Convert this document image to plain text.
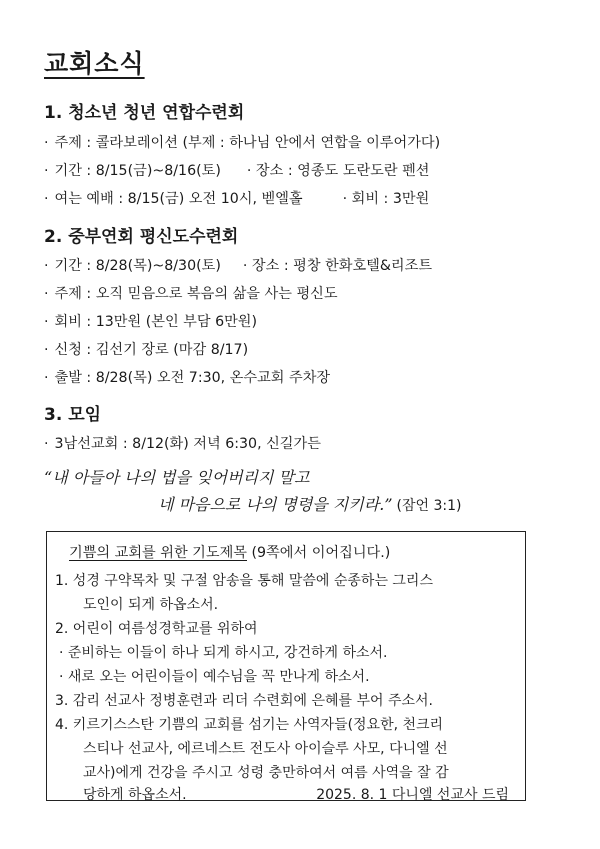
교회소식
1. 청소년 청년 연합수련회
· 주제 : 콜라보레이션 (부제 : 하나님 안에서 연합을 이루어가다)
· 기간 : 8/15(금)~8/16(토) · 장소 : 영종도 도란도란 펜션
· 여는 예배 : 8/15(금) 오전 10시, 벧엘홀	· 회비 : 3만원
2. 중부연회 평신도수련회
· 기간 : 8/28(목)~8/30(토) · 장소 : 평창 한화호텔&리조트
· 주제 : 오직 믿음으로 복음의 삶을 사는 평신도
· 회비 : 13만원 (본인 부담 6만원)
· 신청 : 김선기 장로 (마감 8/17)
· 출발 : 8/28(목) 오전 7:30, 온수교회 주차장
3. 모임
· 3남선교회 : 8/12(화) 저녁 6:30, 신길가든
“내 아들아 나의 법을 잊어버리지 말고
네 마음으로 나의 명령을 지키라.” (잠언 3:1)
기쁨의 교회를 위한 기도제목 (9쪽에서 이어집니다.)
1. 성경 구약목차 및 구절 암송을 통해 말씀에 순종하는 그리스
도인이 되게 하옵소서.
2. 어린이 여름성경학교를 위하여
· 준비하는 이들이 하나 되게 하시고, 강건하게 하소서.
· 새로 오는 어린이들이 예수님을 꼭 만나게 하소서.
3. 감리 선교사 정병훈련과 리더 수련회에 은혜를 부어 주소서.
4. 키르기스스탄 기쁨의 교회를 섬기는 사역자들(정요한, 천크리
스티나 선교사, 에르네스트 전도사 아이슬루 사모, 다니엘 선
교사)에게 건강을 주시고 성령 충만하여서 여름 사역을 잘 감
당하게 하옵소서.	2025. 8. 1 다니엘 선교사 드림
